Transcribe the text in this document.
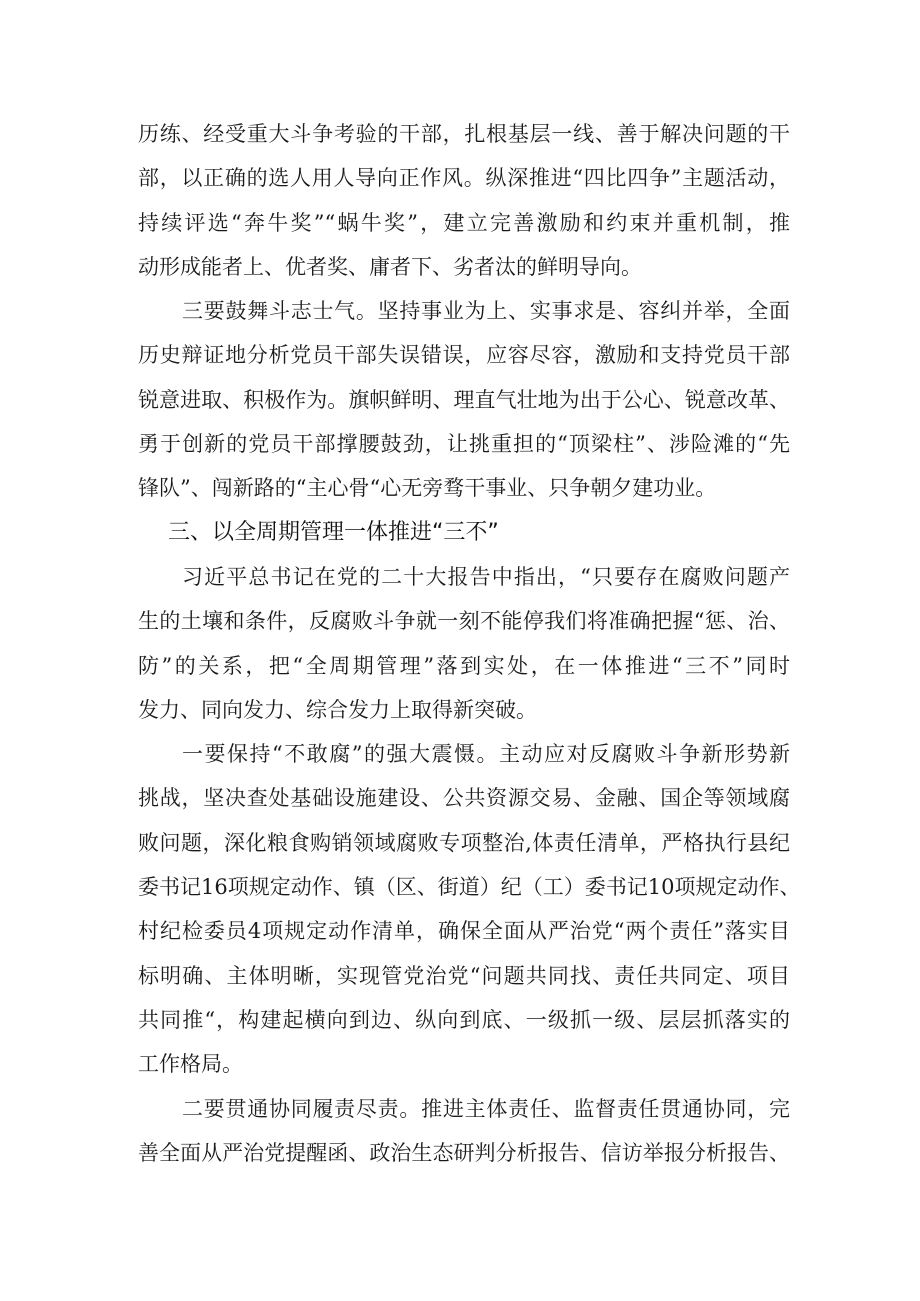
历练、经受重大斗争考验的干部，扎根基层一线、善于解决问题的干
部，以正确的选人用人导向正作风。纵深推进“四比四争”主题活动，
持续评选“奔牛奖”“蜗牛奖”，建立完善激励和约束并重机制，推
动形成能者上、优者奖、庸者下、劣者汰的鲜明导向。
三要鼓舞斗志士气。坚持事业为上、实事求是、容纠并举，全面
历史辩证地分析党员干部失误错误，应容尽容，激励和支持党员干部
锐意进取、积极作为。旗帜鲜明、理直气壮地为出于公心、锐意改革、
勇于创新的党员干部撑腰鼓劲，让挑重担的“顶梁柱”、涉险滩的“先
锋队”、闯新路的“主心骨“心无旁骛干事业、只争朝夕建功业。
三、以全周期管理一体推进“三不”
习近平总书记在党的二十大报告中指出，“只要存在腐败问题产
生的土壤和条件，反腐败斗争就一刻不能停我们将准确把握“惩、治、
防”的关系，把“全周期管理”落到实处，在一体推进“三不”同时
发力、同向发力、综合发力上取得新突破。
一要保持“不敢腐”的强大震慑。主动应对反腐败斗争新形势新
挑战，坚决查处基础设施建设、公共资源交易、金融、国企等领域腐
败问题，深化粮食购销领域腐败专项整治,体责任清单，严格执行县纪
委书记16项规定动作、镇（区、街道）纪（工）委书记10项规定动作、
村纪检委员4项规定动作清单，确保全面从严治党“两个责任”落实目
标明确、主体明晰，实现管党治党“问题共同找、责任共同定、项目
共同推“，构建起横向到边、纵向到底、一级抓一级、层层抓落实的
工作格局。
二要贯通协同履责尽责。推进主体责任、监督责任贯通协同，完
善全面从严治党提醒函、政治生态研判分析报告、信访举报分析报告、
